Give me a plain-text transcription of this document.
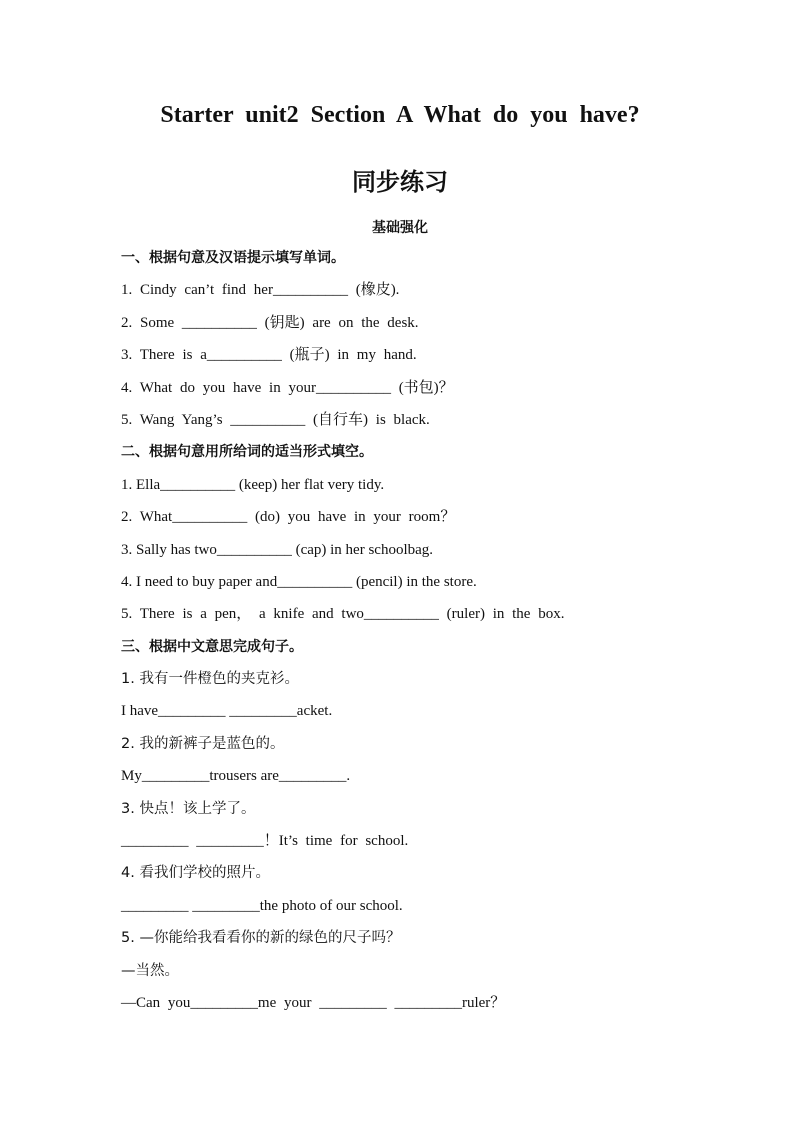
Starter unit2 Section A What do you have?
同步练习
基础强化
一、根据句意及汉语提示填写单词。
1. Cindy can’t find her__________ (橡皮).
2. Some __________ (钥匙) are on the desk.
3. There is a__________ (瓶子) in my hand.
4. What do you have in your__________ (书包)？
5. Wang Yang’s __________ (自行车) is black.
二、根据句意用所给词的适当形式填空。
1. Ella__________ (keep) her flat very tidy.
2. What__________ (do) you have in your room？
3. Sally has two__________ (cap) in her schoolbag.
4. I need to buy paper and__________ (pencil) in the store.
5. There is a pen， a knife and two__________ (ruler) in the box.
三、根据中文意思完成句子。
1. 我有一件橙色的夹克衫。
I have_________ _________acket.
2. 我的新裤子是蓝色的。
My_________trousers are_________.
3. 快点！该上学了。
_________ _________！It’s time for school.
4. 看我们学校的照片。
_________ _________the photo of our school.
5. —你能给我看看你的新的绿色的尺子吗？
—当然。
—Can you_________me your _________ _________ruler？
